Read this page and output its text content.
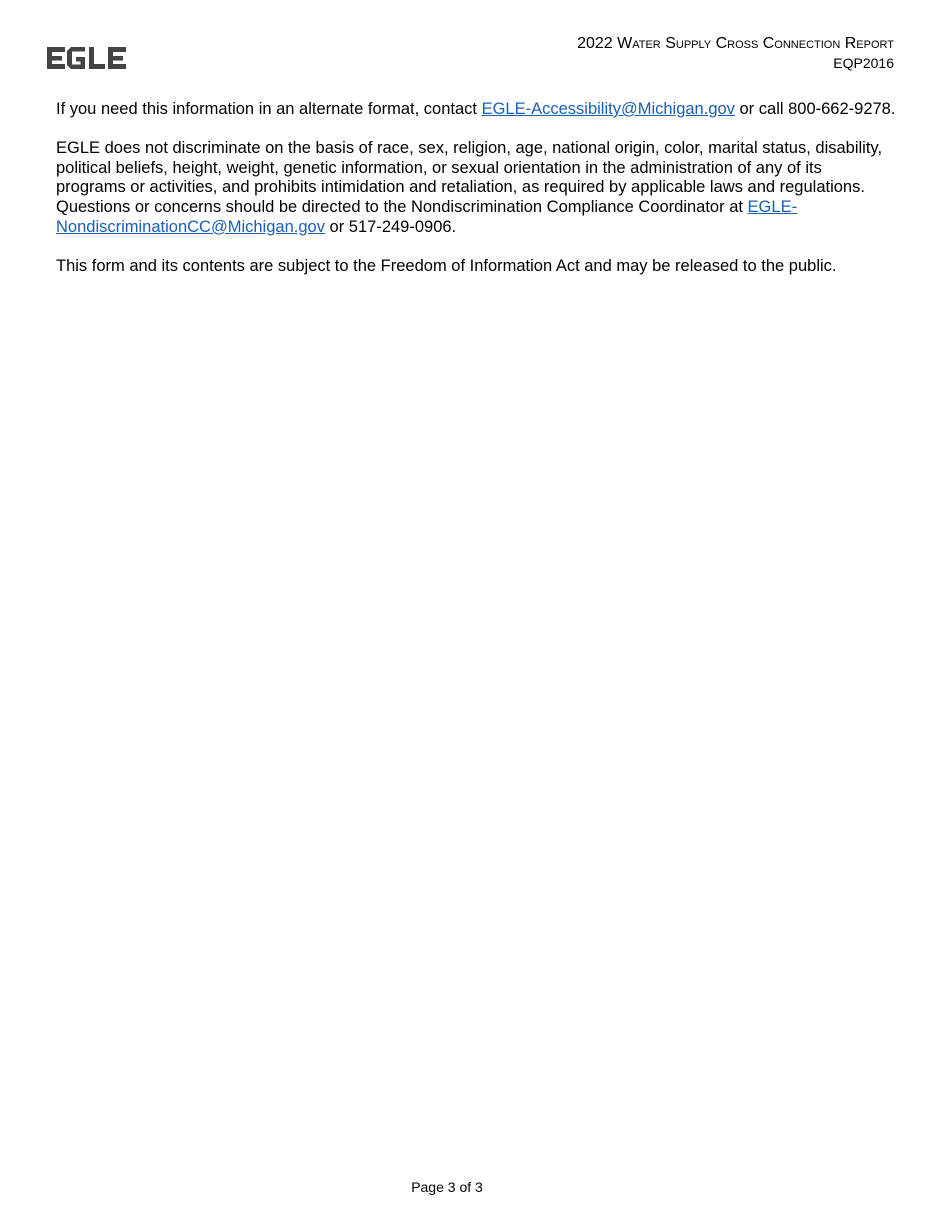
2022 Water Supply Cross Connection Report
EQP2016

If you need this information in an alternate format, contact EGLE-Accessibility@Michigan.gov or call 800-662-9278.

EGLE does not discriminate on the basis of race, sex, religion, age, national origin, color, marital status, disability, political beliefs, height, weight, genetic information, or sexual orientation in the administration of any of its programs or activities, and prohibits intimidation and retaliation, as required by applicable laws and regulations. Questions or concerns should be directed to the Nondiscrimination Compliance Coordinator at EGLE-NondiscriminationCC@Michigan.gov or 517-249-0906.

This form and its contents are subject to the Freedom of Information Act and may be released to the public.

Page 3 of 3
